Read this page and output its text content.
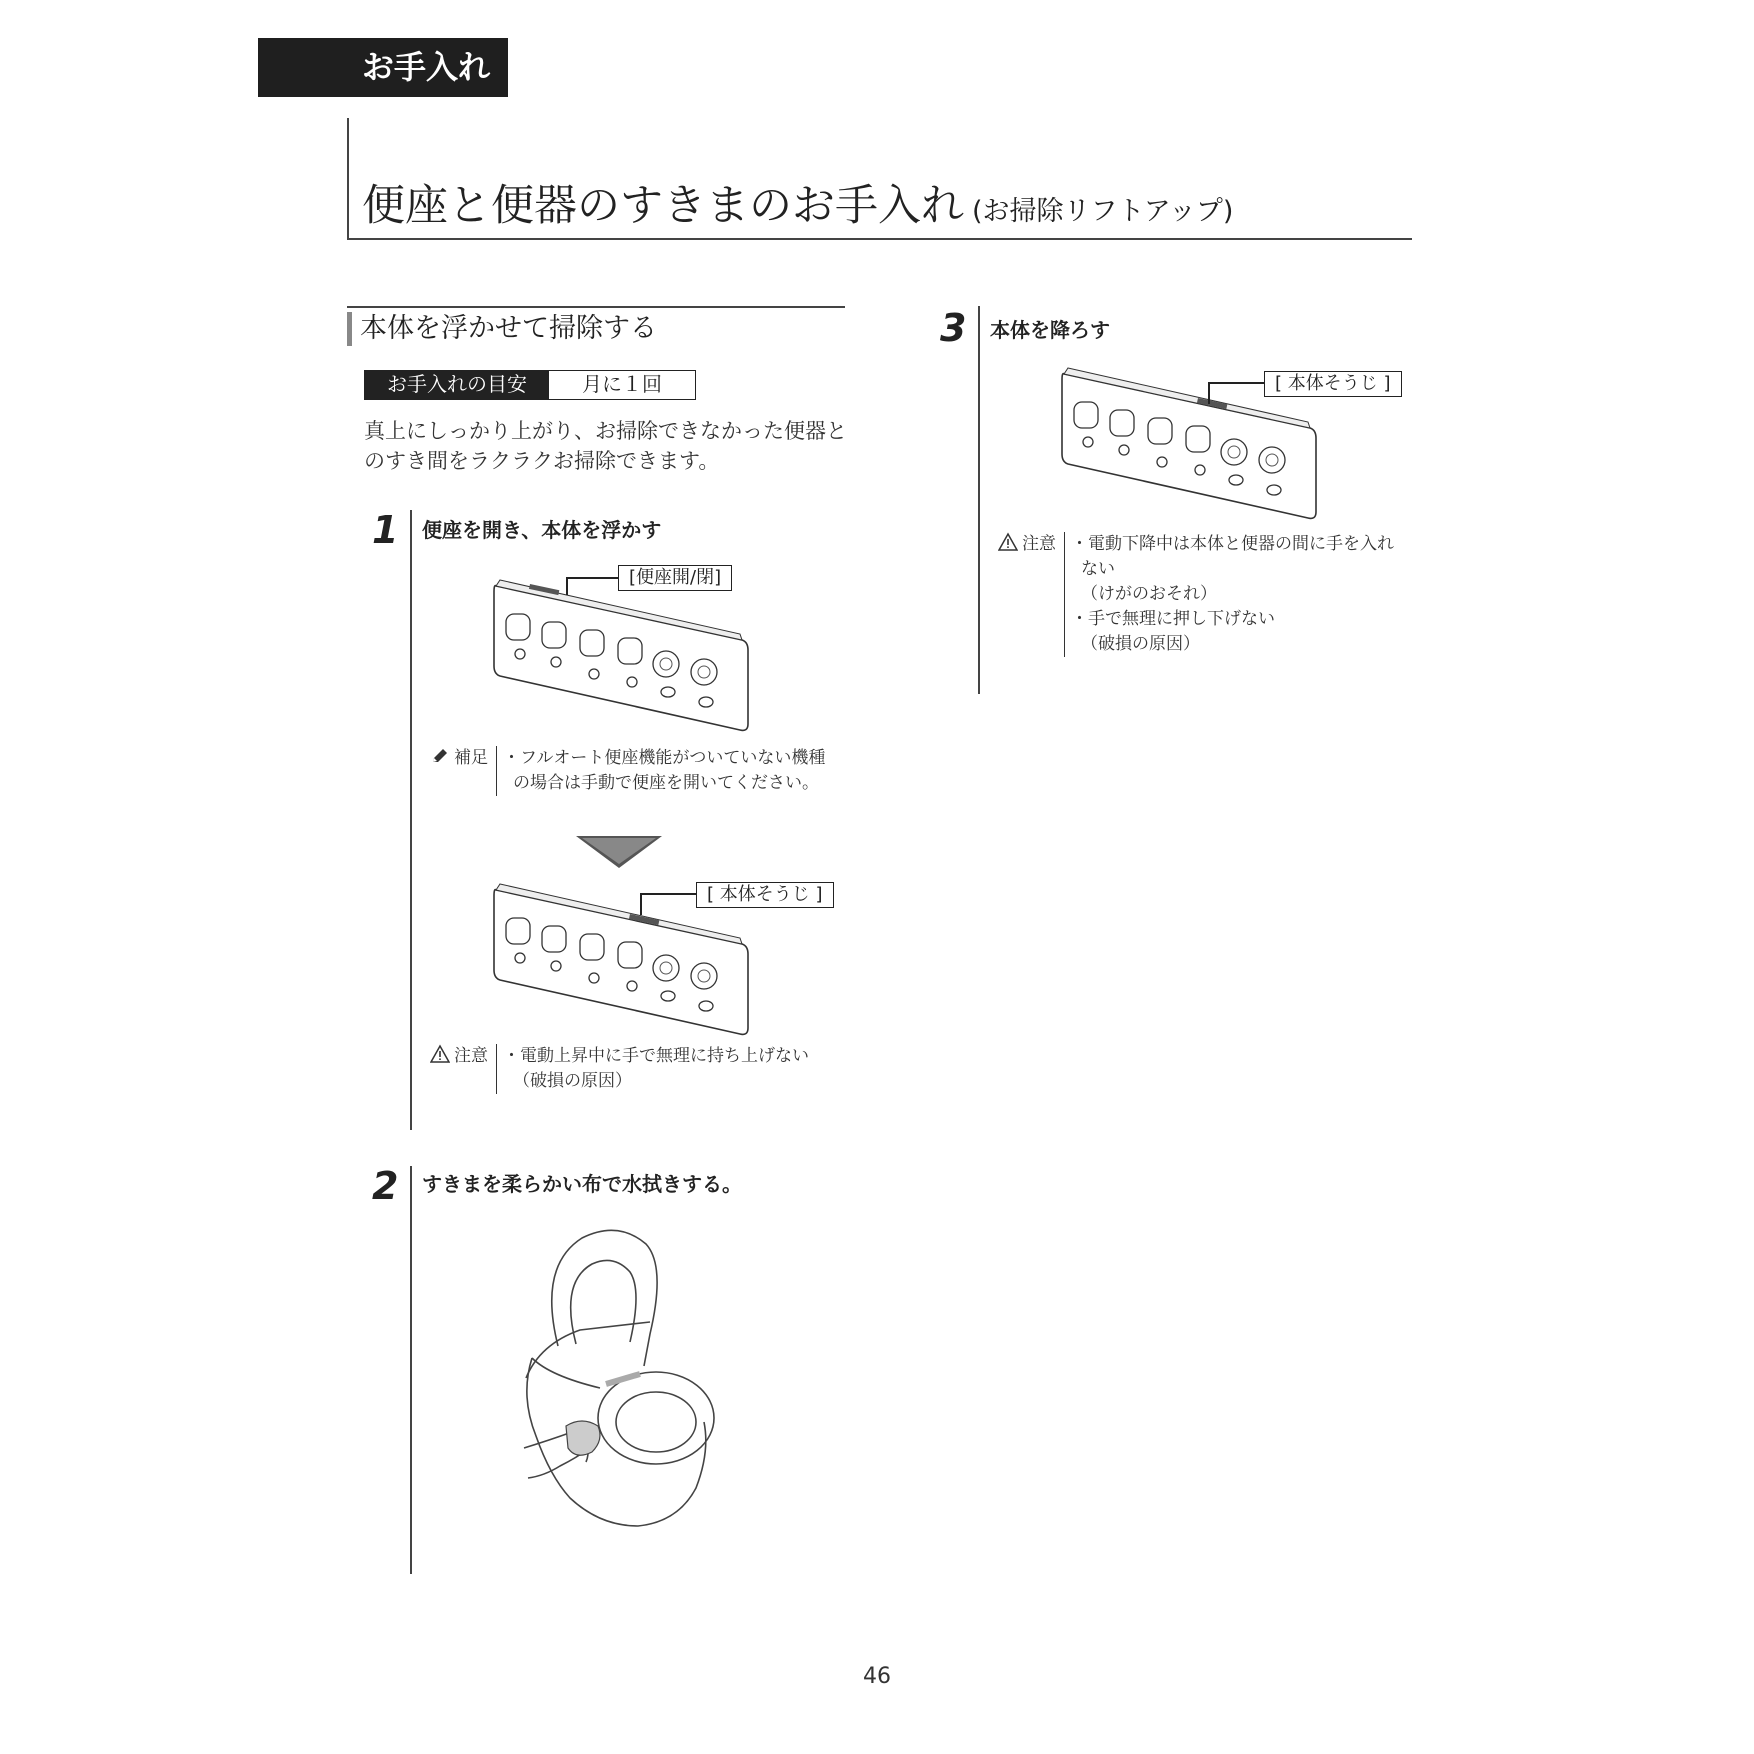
お手入れ
便座と便器のすきまのお手入れ (お掃除リフトアップ)
本体を浮かせて掃除する
お手入れの目安	月に１回
真上にしっかり上がり、お掃除できなかった便器とのすき間をラクラクお掃除できます。
1 便座を開き、本体を浮かす
[便座開/閉]
補足 ・フルオート便座機能がついていない機種
の場合は手動で便座を開いてください。
[ 本体そうじ ]
注意 ・電動上昇中に手で無理に持ち上げない
（破損の原因）
2 すきまを柔らかい布で水拭きする。
3 本体を降ろす
[ 本体そうじ ]
注意 ・電動下降中は本体と便器の間に手を入れ
ない
（けがのおそれ）
・手で無理に押し下げない
（破損の原因）
46
